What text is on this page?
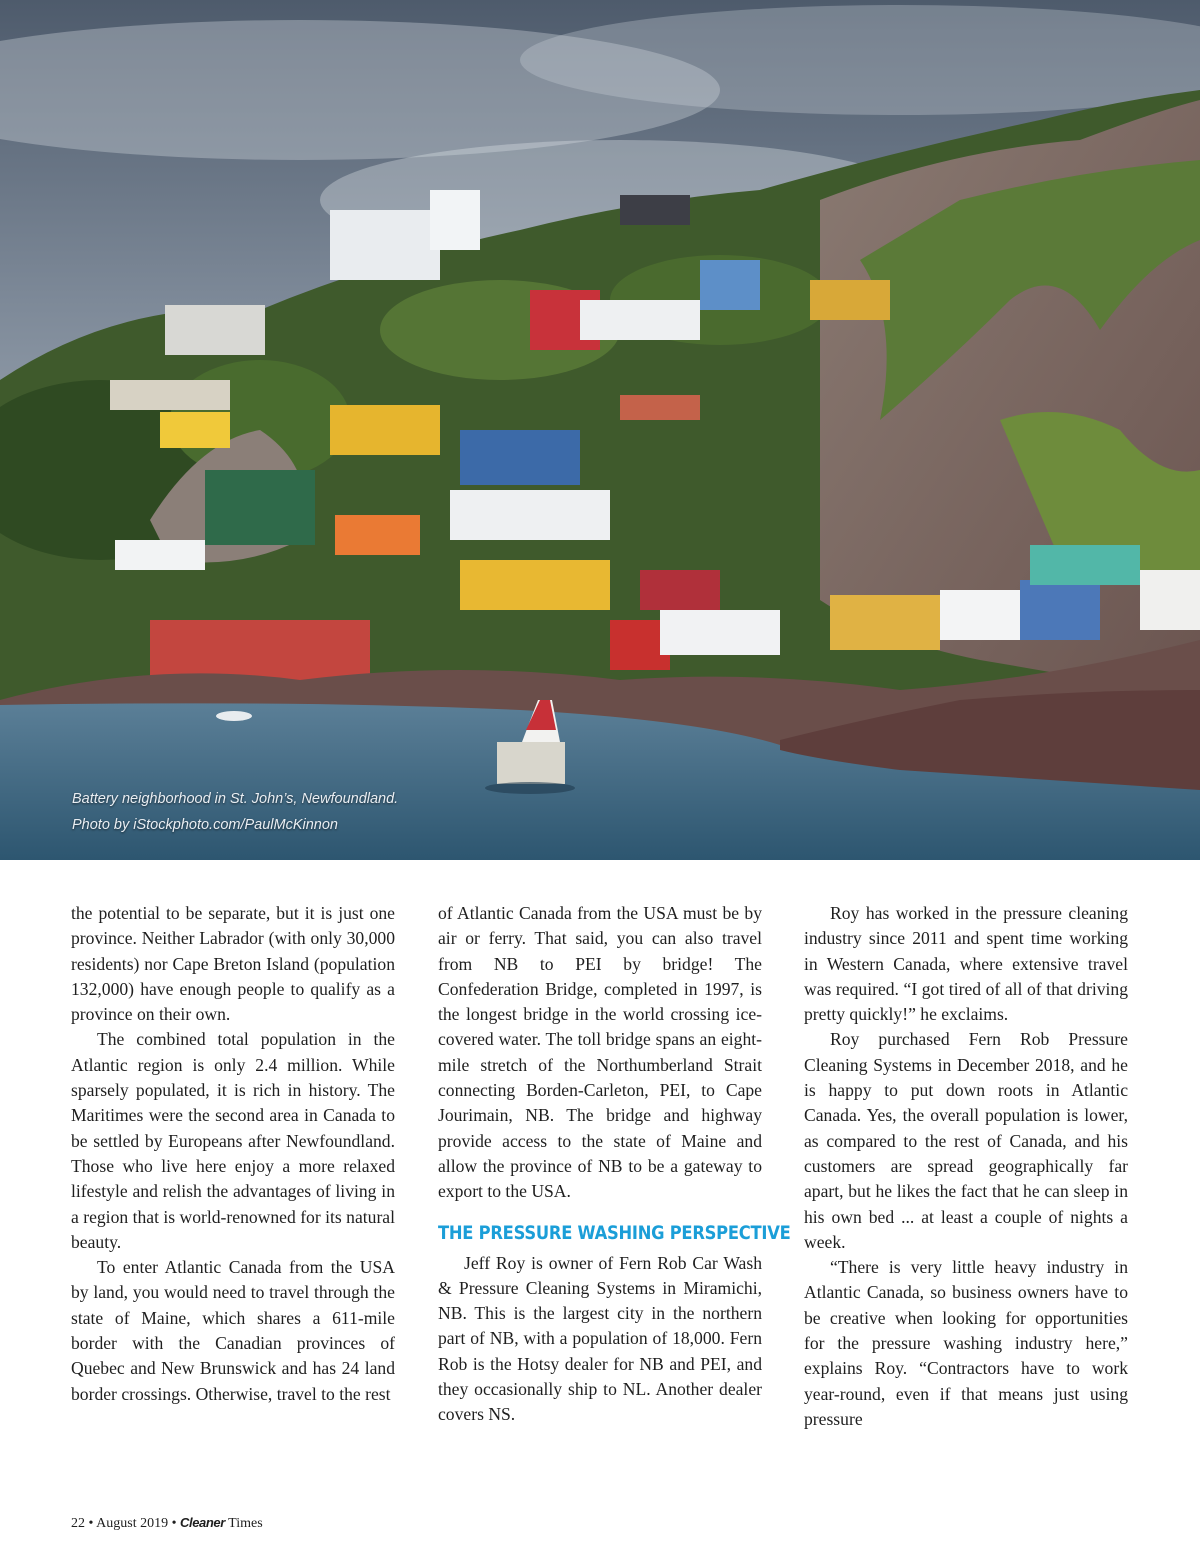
Battery neighborhood in St. John’s, Newfoundland.
Photo by iStockphoto.com/PaulMcKinnon

the potential to be separate, but it is just one province. Neither Labrador (with only 30,000 residents) nor Cape Breton Island (population 132,000) have enough people to qualify as a province on their own.

The combined total population in the Atlantic region is only 2.4 million. While sparsely populated, it is rich in history. The Maritimes were the second area in Canada to be settled by Europeans after Newfoundland. Those who live here enjoy a more relaxed lifestyle and relish the advantages of living in a region that is world-renowned for its natural beauty.

To enter Atlantic Canada from the USA by land, you would need to travel through the state of Maine, which shares a 611-mile border with the Canadian provinces of Quebec and New Brunswick and has 24 land border crossings. Otherwise, travel to the rest

of Atlantic Canada from the USA must be by air or ferry. That said, you can also travel from NB to PEI by bridge! The Confederation Bridge, completed in 1997, is the longest bridge in the world crossing ice-covered water. The toll bridge spans an eight-mile stretch of the Northumberland Strait connecting Borden-Carleton, PEI, to Cape Jourimain, NB. The bridge and highway provide access to the state of Maine and allow the province of NB to be a gateway to export to the USA.

THE PRESSURE WASHING PERSPECTIVE

Jeff Roy is owner of Fern Rob Car Wash & Pressure Cleaning Systems in Miramichi, NB. This is the largest city in the northern part of NB, with a population of 18,000. Fern Rob is the Hotsy dealer for NB and PEI, and they occasionally ship to NL. Another dealer covers NS.

Roy has worked in the pressure cleaning industry since 2011 and spent time working in Western Canada, where extensive travel was required. “I got tired of all of that driving pretty quickly!” he exclaims.

Roy purchased Fern Rob Pressure Cleaning Systems in December 2018, and he is happy to put down roots in Atlantic Canada. Yes, the overall population is lower, as compared to the rest of Canada, and his customers are spread geographically far apart, but he likes the fact that he can sleep in his own bed ... at least a couple of nights a week.

“There is very little heavy industry in Atlantic Canada, so business owners have to be creative when looking for opportunities for the pressure washing industry here,” explains Roy. “Contractors have to work year-round, even if that means just using pressure

22 • August 2019 • Cleaner Times
